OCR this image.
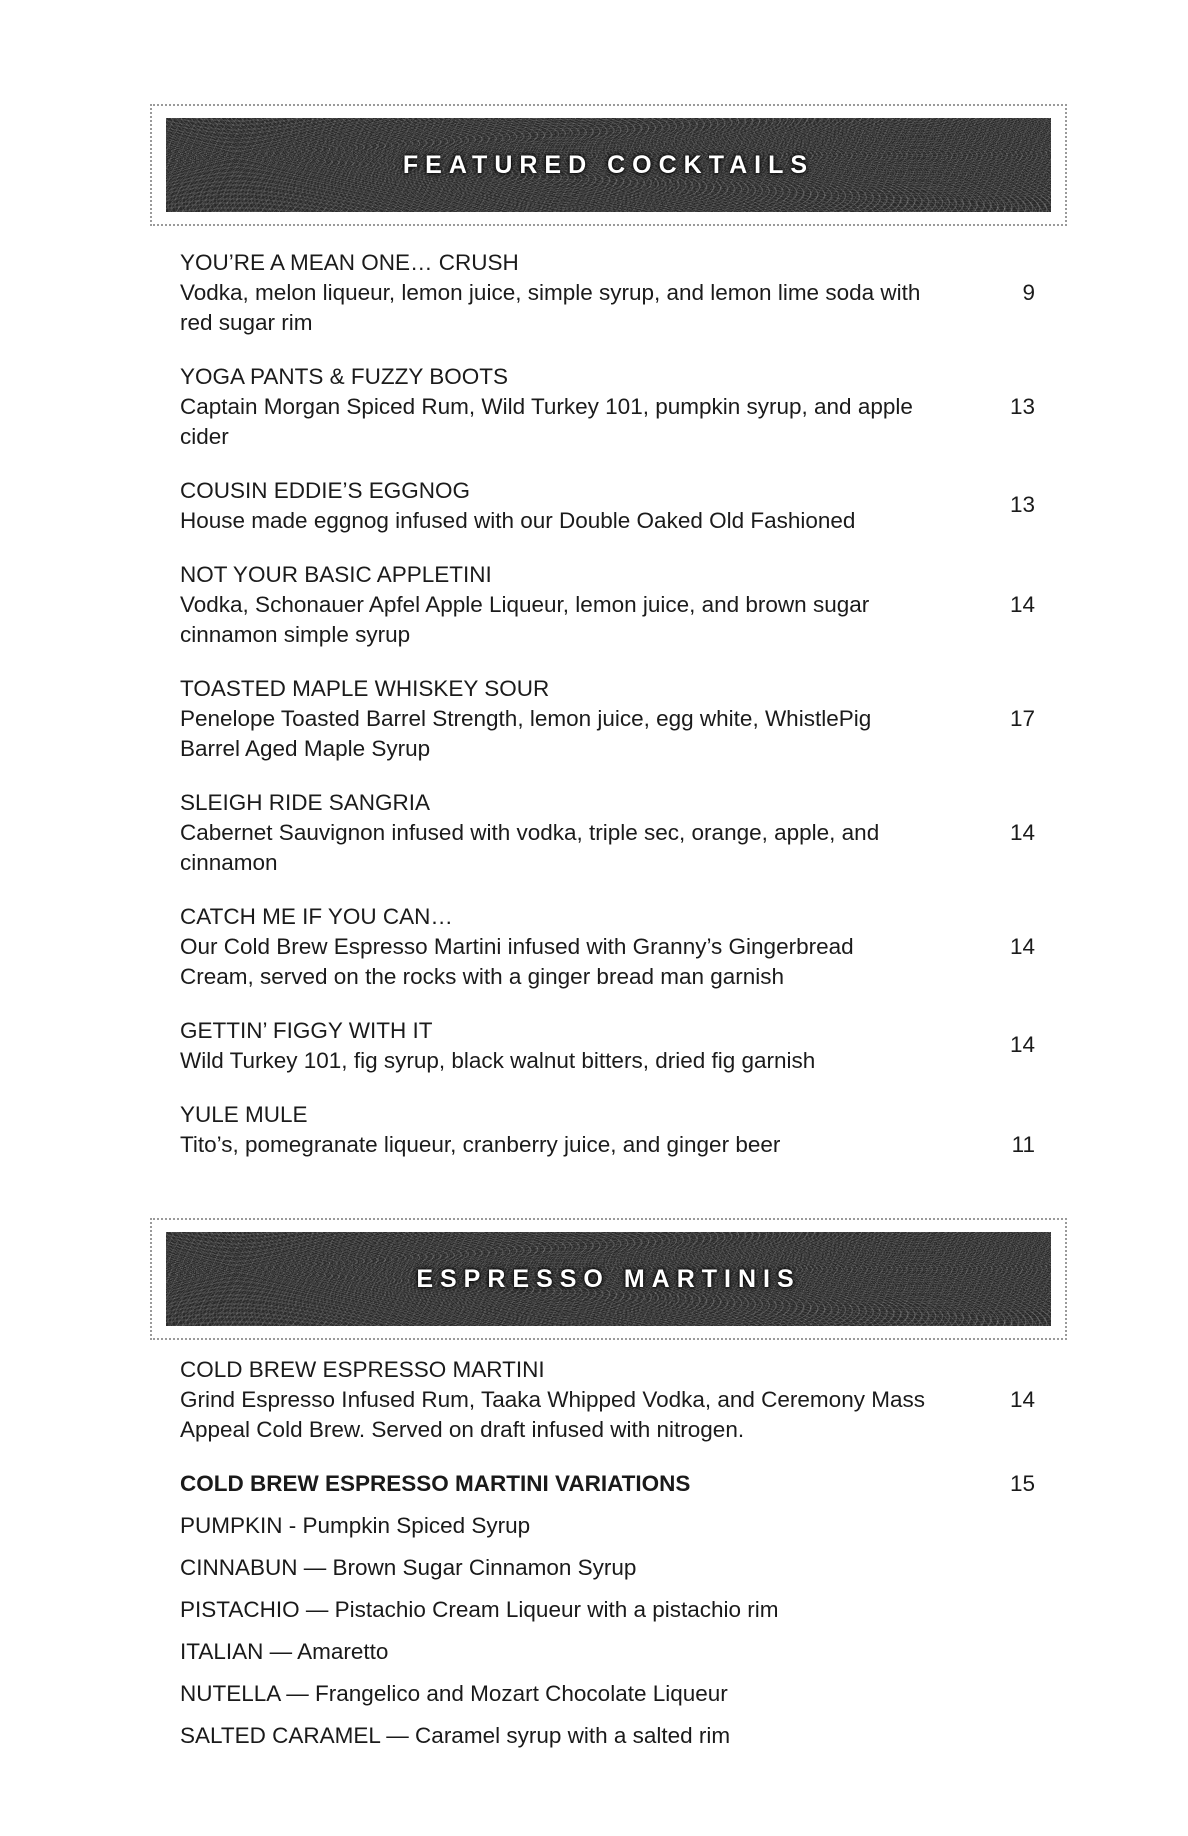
FEATURED COCKTAILS
YOU’RE A MEAN ONE… CRUSH
9
Vodka, melon liqueur, lemon juice, simple syrup, and lemon lime soda with red sugar rim
YOGA PANTS & FUZZY BOOTS
13
Captain Morgan Spiced Rum, Wild Turkey 101, pumpkin syrup, and apple cider
COUSIN EDDIE’S EGGNOG
13
House made eggnog infused with our Double Oaked Old Fashioned
NOT YOUR BASIC APPLETINI
14
Vodka, Schonauer Apfel Apple Liqueur, lemon juice, and brown sugar cinnamon simple syrup
TOASTED MAPLE WHISKEY SOUR
17
Penelope Toasted Barrel Strength, lemon juice, egg white, WhistlePig Barrel Aged Maple Syrup
SLEIGH RIDE SANGRIA
14
Cabernet Sauvignon infused with vodka, triple sec, orange, apple, and cinnamon
CATCH ME IF YOU CAN…
14
Our Cold Brew Espresso Martini infused with Granny’s Gingerbread Cream, served on the rocks with a ginger bread man garnish
GETTIN’ FIGGY WITH IT
14
Wild Turkey 101, fig syrup, black walnut bitters, dried fig garnish
YULE MULE
11
Tito’s, pomegranate liqueur, cranberry juice, and ginger beer
ESPRESSO MARTINIS
COLD BREW ESPRESSO MARTINI
14
Grind Espresso Infused Rum, Taaka Whipped Vodka, and Ceremony Mass Appeal Cold Brew. Served on draft infused with nitrogen.
COLD BREW ESPRESSO MARTINI VARIATIONS	15
PUMPKIN - Pumpkin Spiced Syrup
CINNABUN — Brown Sugar Cinnamon Syrup
PISTACHIO — Pistachio Cream Liqueur with a pistachio rim
ITALIAN — Amaretto
NUTELLA — Frangelico and Mozart Chocolate Liqueur
SALTED CARAMEL — Caramel syrup with a salted rim
